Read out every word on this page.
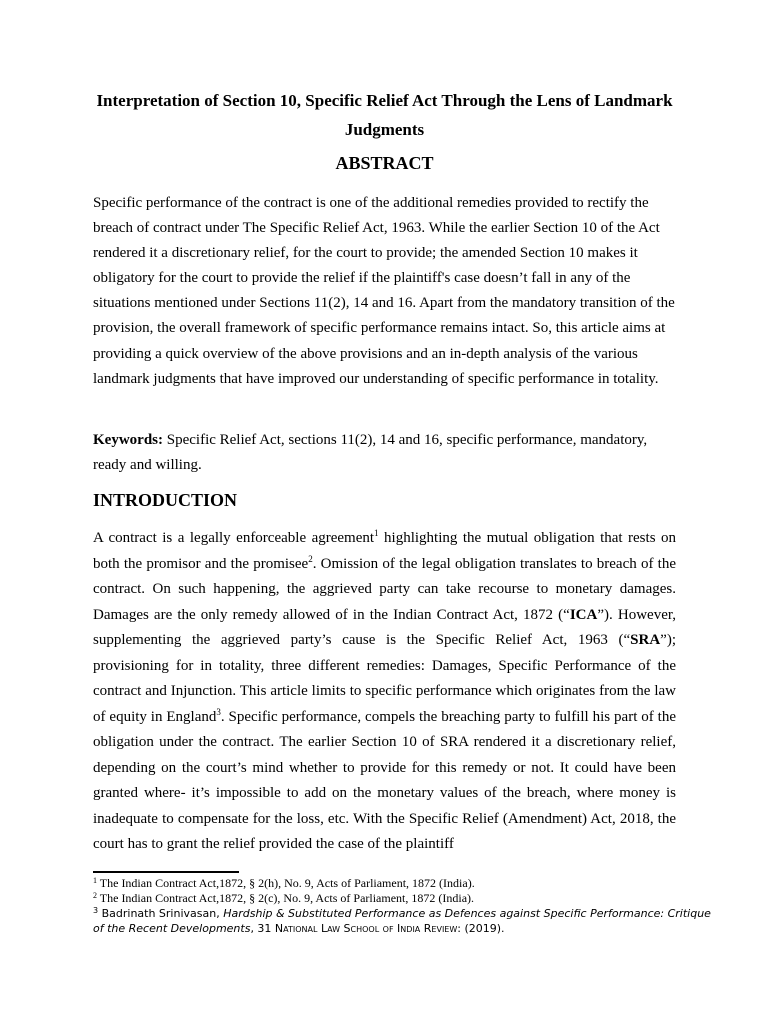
Interpretation of Section 10, Specific Relief Act Through the Lens of Landmark Judgments
ABSTRACT

Specific performance of the contract is one of the additional remedies provided to rectify the breach of contract under The Specific Relief Act, 1963. While the earlier Section 10 of the Act rendered it a discretionary relief, for the court to provide; the amended Section 10 makes it obligatory for the court to provide the relief if the plaintiff's case doesn’t fall in any of the situations mentioned under Sections 11(2), 14 and 16. Apart from the mandatory transition of the provision, the overall framework of specific performance remains intact. So, this article aims at providing a quick overview of the above provisions and an in-depth analysis of the various landmark judgments that have improved our understanding of specific performance in totality.

Keywords: Specific Relief Act, sections 11(2), 14 and 16, specific performance, mandatory, ready and willing.

INTRODUCTION

A contract is a legally enforceable agreement$^1$ highlighting the mutual obligation that rests on both the promisor and the promisee$^2$. Omission of the legal obligation translates to breach of the contract. On such happening, the aggrieved party can take recourse to monetary damages. Damages are the only remedy allowed of in the Indian Contract Act, 1872 (“ICA”). However, supplementing the aggrieved party’s cause is the Specific Relief Act, 1963 (“SRA”); provisioning for in totality, three different remedies: Damages, Specific Performance of the contract and Injunction. This article limits to specific performance which originates from the law of equity in England$^3$. Specific performance, compels the breaching party to fulfill his part of the obligation under the contract. The earlier Section 10 of SRA rendered it a discretionary relief, depending on the court’s mind whether to provide for this remedy or not. It could have been granted where- it’s impossible to add on the monetary values of the breach, where money is inadequate to compensate for the loss, etc. With the Specific Relief (Amendment) Act, 2018, the court has to grant the relief provided the case of the plaintiff

$^1$ The Indian Contract Act,1872, § 2(h), No. 9, Acts of Parliament, 1872 (India).
$^2$ The Indian Contract Act,1872, § 2(c), No. 9, Acts of Parliament, 1872 (India).
$^3$ Badrinath Srinivasan, Hardship & Substituted Performance as Defences against Specific Performance: Critique
of the Recent Developments, 31 National Law School of India Review: (2019).
